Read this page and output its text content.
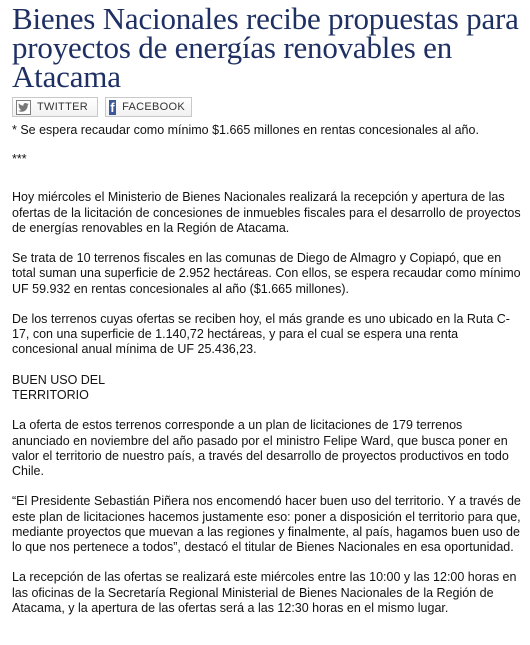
Bienes Nacionales recibe propuestas para proyectos de energías renovables en Atacama
TWITTER f FACEBOOK

* Se espera recaudar como mínimo $1.665 millones en rentas concesionales al año.

***

Hoy miércoles el Ministerio de Bienes Nacionales realizará la recepción y apertura de las ofertas de la licitación de concesiones de inmuebles fiscales para el desarrollo de proyectos de energías renovables en la Región de Atacama.

Se trata de 10 terrenos fiscales en las comunas de Diego de Almagro y Copiapó, que en total suman una superficie de 2.952 hectáreas. Con ellos, se espera recaudar como mínimo UF 59.932 en rentas concesionales al año ($1.665 millones).

De los terrenos cuyas ofertas se reciben hoy, el más grande es uno ubicado en la Ruta C-17, con una superficie de 1.140,72 hectáreas, y para el cual se espera una renta concesional anual mínima de UF 25.436,23.

BUEN USO DEL TERRITORIO

La oferta de estos terrenos corresponde a un plan de licitaciones de 179 terrenos anunciado en noviembre del año pasado por el ministro Felipe Ward, que busca poner en valor el territorio de nuestro país, a través del desarrollo de proyectos productivos en todo Chile.

“El Presidente Sebastián Piñera nos encomendó hacer buen uso del territorio. Y a través de este plan de licitaciones hacemos justamente eso: poner a disposición el territorio para que, mediante proyectos que muevan a las regiones y finalmente, al país, hagamos buen uso de lo que nos pertenece a todos”, destacó el titular de Bienes Nacionales en esa oportunidad.

La recepción de las ofertas se realizará este miércoles entre las 10:00 y las 12:00 horas en las oficinas de la Secretaría Regional Ministerial de Bienes Nacionales de la Región de Atacama, y la apertura de las ofertas será a las 12:30 horas en el mismo lugar.
